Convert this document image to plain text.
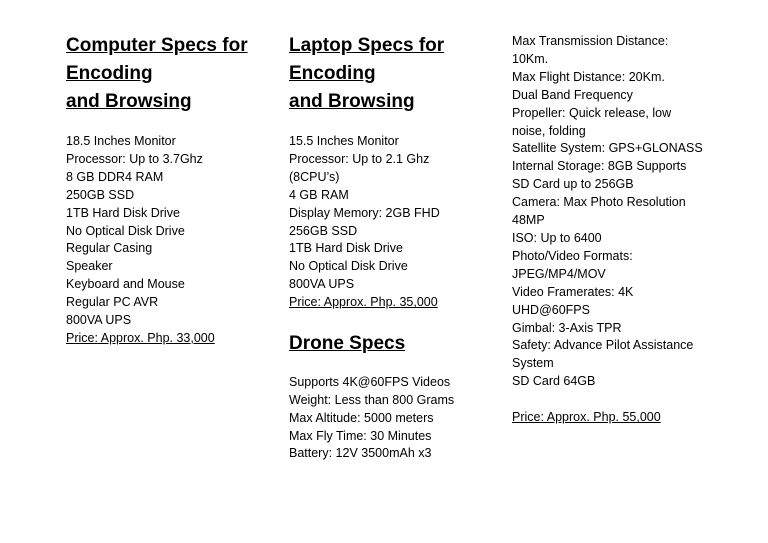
Computer Specs for
Encoding
and Browsing
18.5 Inches Monitor
Processor: Up to 3.7Ghz
8 GB DDR4 RAM
250GB SSD
1TB Hard Disk Drive
No Optical Disk Drive
Regular Casing
Speaker
Keyboard and Mouse
Regular PC AVR
800VA UPS
Price: Approx. Php. 33,000
Laptop Specs for
Encoding
and Browsing
15.5 Inches Monitor
Processor: Up to 2.1 Ghz
(8CPU’s)
4 GB RAM
Display Memory: 2GB FHD
256GB SSD
1TB Hard Disk Drive
No Optical Disk Drive
800VA UPS
Price: Approx. Php. 35,000
Drone Specs
Supports 4K@60FPS Videos
Weight: Less than 800 Grams
Max Altitude: 5000 meters
Max Fly Time: 30 Minutes
Battery: 12V 3500mAh x3
Max Transmission Distance:
10Km.
Max Flight Distance: 20Km.
Dual Band Frequency
Propeller: Quick release, low
noise, folding
Satellite System: GPS+GLONASS
Internal Storage: 8GB Supports
SD Card up to 256GB
Camera: Max Photo Resolution
48MP
ISO: Up to 6400
Photo/Video Formats:
JPEG/MP4/MOV
Video Framerates: 4K
UHD@60FPS
Gimbal: 3-Axis TPR
Safety: Advance Pilot Assistance
System
SD Card 64GB
Price: Approx. Php. 55,000
